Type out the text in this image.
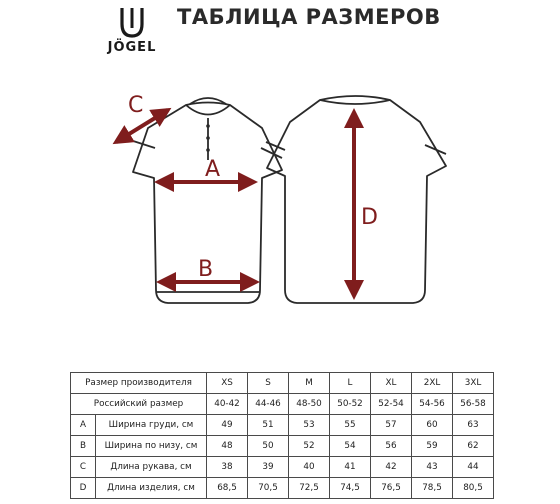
JÖGEL
ТАБЛИЦА РАЗМЕРОВ
A
B
C
D
Размер производителя		XS	S	M	L	XL	2XL	3XL
Российский размер		40-42	44-46	48-50	50-52	52-54	54-56	56-58
A	Ширина груди, см	49	51	53	55	57	60	63
B	Ширина по низу, см	48	50	52	54	56	59	62
C	Длина рукава, см	38	39	40	41	42	43	44
D	Длина изделия, см	68,5	70,5	72,5	74,5	76,5	78,5	80,5
